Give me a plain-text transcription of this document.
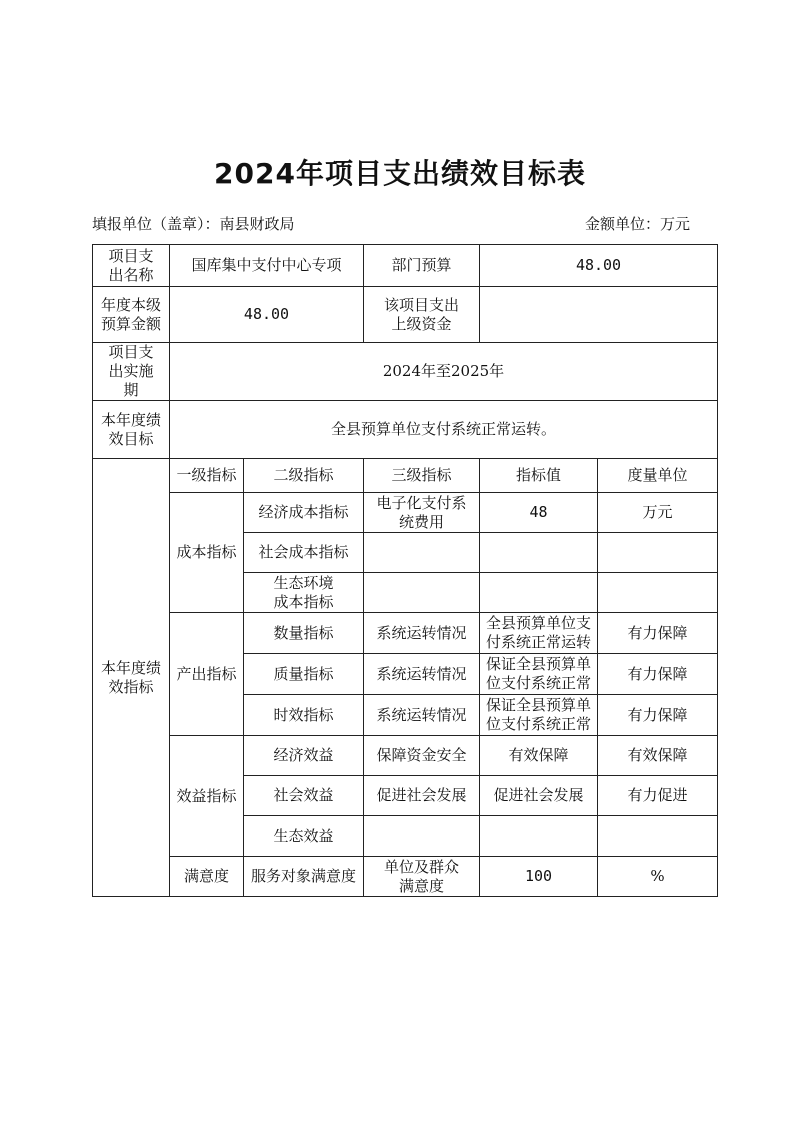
2024年项目支出绩效目标表
填报单位（盖章）：南县财政局	金额单位：万元
项目支出名称	国库集中支付中心专项		部门预算	48.00	

年度本级预算金额	48.00		该项目支出上级资金		

项目支出实施期	2024年至2025年				

本年度绩效目标	全县预算单位支付系统正常运转。				

本年度绩效指标	一级指标	二级指标	三级指标	指标值	度量单位
	成本指标	经济成本指标	电子化支付系统费用	48	万元
		社会成本指标			

		生态环境成本指标			

	产出指标	数量指标	系统运转情况	全县预算单位支付系统正常运转	有力保障
		质量指标	系统运转情况	保证全县预算单位支付系统正常	有力保障
		时效指标	系统运转情况	保证全县预算单位支付系统正常	有力保障
	效益指标	经济效益	保障资金安全	有效保障	有效保障
		社会效益	促进社会发展	促进社会发展	有力促进
		生态效益			
	满意度	服务对象满意度	单位及群众满意度	100	%
